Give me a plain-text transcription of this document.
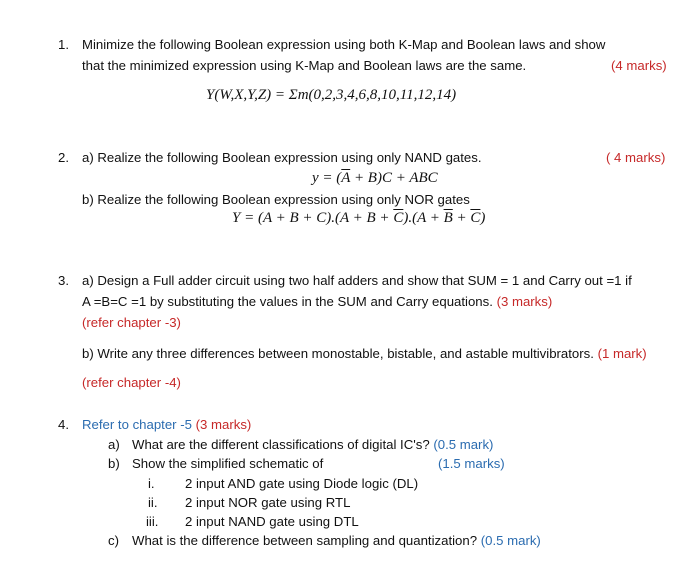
1. Minimize the following Boolean expression using both K-Map and Boolean laws and show
that the minimized expression using K-Map and Boolean laws are the same.	(4 marks)
Y(W,X,Y,Z) = Σm(0,2,3,4,6,8,10,11,12,14)
2. a) Realize the following Boolean expression using only NAND gates.	( 4 marks)
$y = (\overline{A} + B)C$ + ABC
b) Realize the following Boolean expression using only NOR gates
$Y = (A + B + C).(A + B + \overline{C}).(A + \overline{B} + \overline{C})$
3. a) Design a Full adder circuit using two half adders and show that SUM = 1 and Carry out =1 if
A =B=C =1 by substituting the values in the SUM and Carry equations. (3 marks)
(refer chapter -3)
b) Write any three differences between monostable, bistable, and astable multivibrators. (1 mark)
(refer chapter -4)
4. Refer to chapter -5 (3 marks)
a) What are the different classifications of digital IC's? (0.5 mark)
b) Show the simplified schematic of	(1.5 marks)
i. 2 input AND gate using Diode logic (DL)
ii. 2 input NOR gate using RTL
iii. 2 input NAND gate using DTL
c) What is the difference between sampling and quantization? (0.5 mark)
